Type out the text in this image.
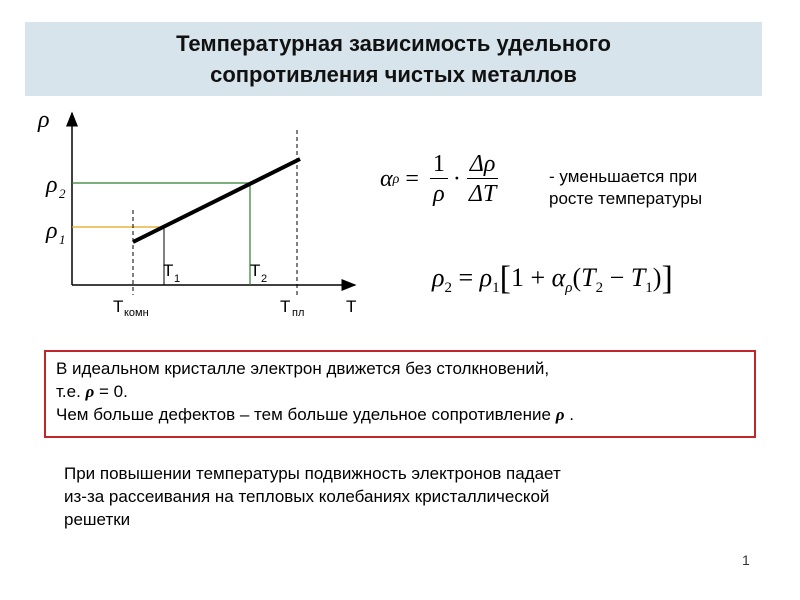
Температурная зависимость удельного
сопротивления чистых металлов
ρ
ρ 2
ρ 1
T 1	T 2
T комн	T пл T
α $\rho = \frac{1}{\rho} \cdot \frac{\Delta\rho}{\Delta T}$	- уменьшается при
росте температуры
$\rho_2 = \rho_1[1 + \alpha_\rho(T_2 - T_1)]$
В идеальном кристалле электрон движется без столкновений,
т.е. ρ = 0.
Чем больше дефектов – тем больше удельное сопротивление ρ .
При повышении температуры подвижность электронов падает
из-за рассеивания на тепловых колебаниях кристаллической
решетки
1
